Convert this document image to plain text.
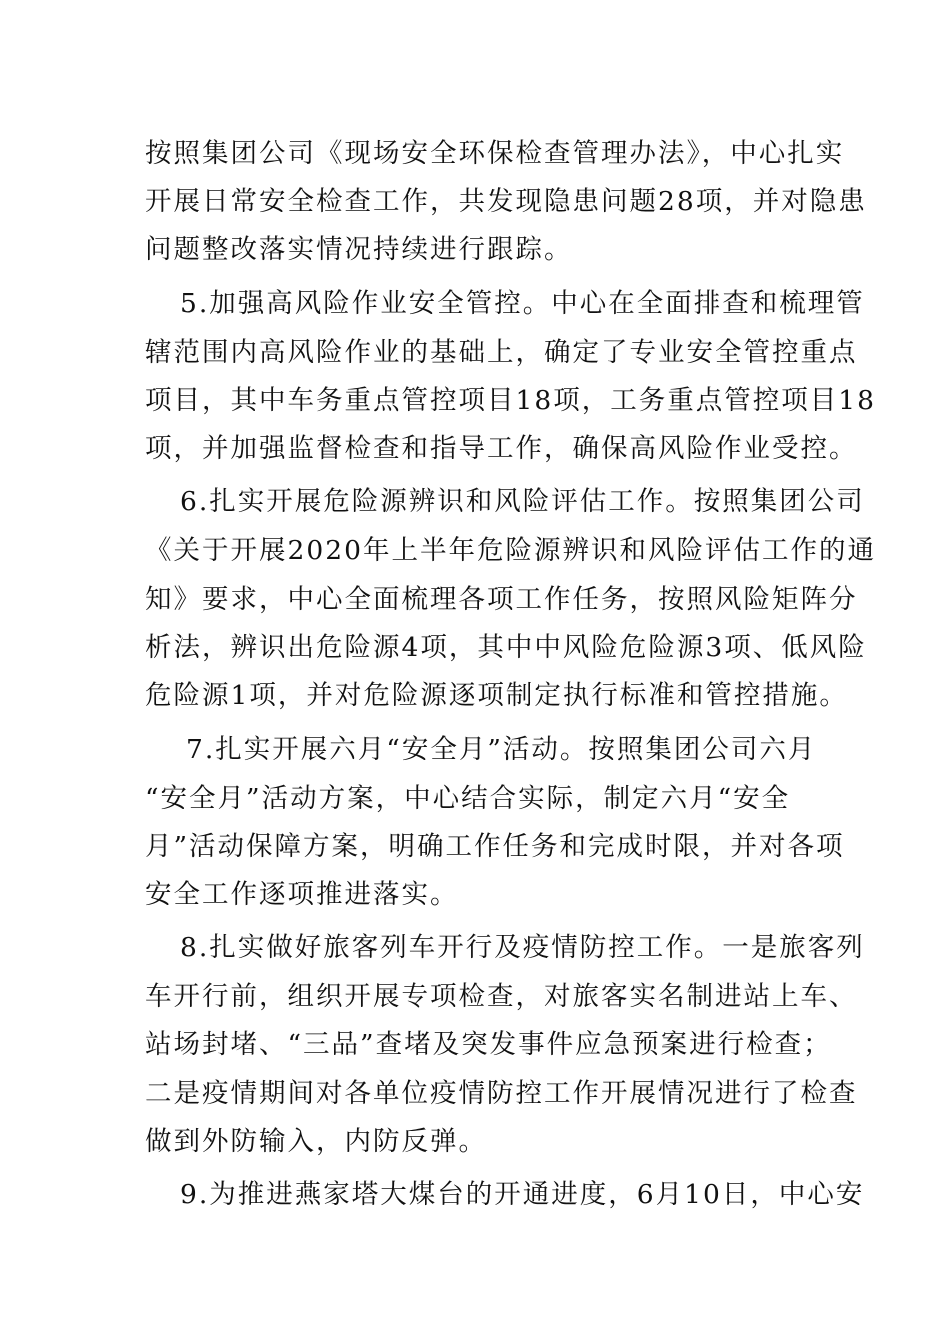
按照集团公司《现场安全环保检查管理办法》，中心扎实
开展日常安全检查工作，共发现隐患问题28项，并对隐患
问题整改落实情况持续进行跟踪。
5.加强高风险作业安全管控。中心在全面排查和梳理管
辖范围内高风险作业的基础上，确定了专业安全管控重点
项目，其中车务重点管控项目18项，工务重点管控项目18
项，并加强监督检查和指导工作，确保高风险作业受控。
6.扎实开展危险源辨识和风险评估工作。按照集团公司
《关于开展2020年上半年危险源辨识和风险评估工作的通
知》要求，中心全面梳理各项工作任务，按照风险矩阵分
析法，辨识出危险源4项，其中中风险危险源3项、低风险
危险源1项，并对危险源逐项制定执行标准和管控措施。
7.扎实开展六月“安全月”活动。按照集团公司六月
“安全月”活动方案，中心结合实际，制定六月“安全
月”活动保障方案，明确工作任务和完成时限，并对各项
安全工作逐项推进落实。
8.扎实做好旅客列车开行及疫情防控工作。一是旅客列
车开行前，组织开展专项检查，对旅客实名制进站上车、
站场封堵、“三品”查堵及突发事件应急预案进行检查；
二是疫情期间对各单位疫情防控工作开展情况进行了检查
做到外防输入，内防反弹。
9.为推进燕家塔大煤台的开通进度，6月10日，中心安
